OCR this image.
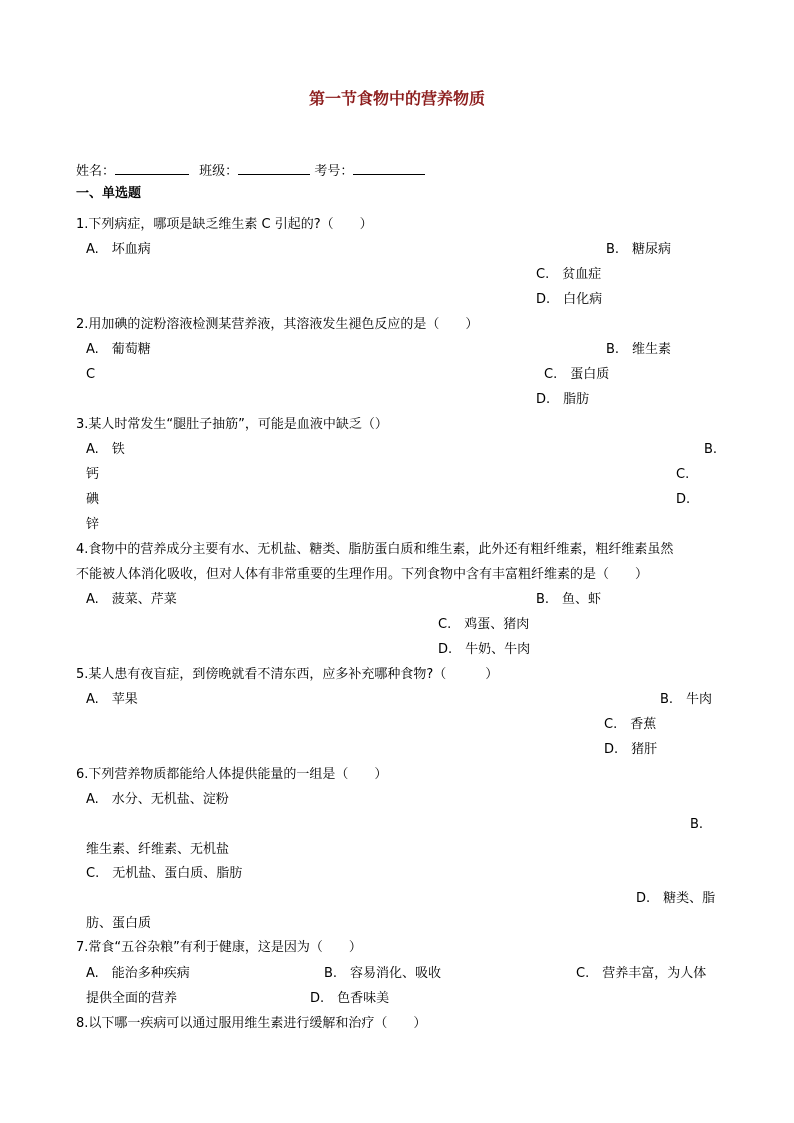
第一节食物中的营养物质
姓名：	班级：	考号：
一、单选题
1.下列病症，哪项是缺乏维生素 C 引起的?（　　）
A.　坏血病	B.　糖尿病
C.　贫血症
D.　白化病
2.用加碘的淀粉溶液检测某营养液，其溶液发生褪色反应的是（　　）
A.　葡萄糖	B.　维生素
C	C.　蛋白质
D.　脂肪
3.某人时常发生“腿肚子抽筋”，可能是血液中缺乏（）
A.　铁	B.
钙	C.
碘	D.
锌
4.食物中的营养成分主要有水、无机盐、糖类、脂肪蛋白质和维生素，此外还有粗纤维素，粗纤维素虽然
不能被人体消化吸收，但对人体有非常重要的生理作用。下列食物中含有丰富粗纤维素的是（　　）
A.　菠菜、芹菜	B.　鱼、虾
C.　鸡蛋、猪肉
D.　牛奶、牛肉
5.某人患有夜盲症，到傍晚就看不清东西，应多补充哪种食物?（　　　）
A.　苹果	B.　牛肉
C.　香蕉
D.　猪肝
6.下列营养物质都能给人体提供能量的一组是（　　）
A.　水分、无机盐、淀粉
B.
维生素、纤维素、无机盐
C.　无机盐、蛋白质、脂肪
D.　糖类、脂
肪、蛋白质
7.常食“五谷杂粮”有利于健康，这是因为（　　）
A.　能治多种疾病	B.　容易消化、吸收	C.　营养丰富，为人体
提供全面的营养	D.　色香味美
8.以下哪一疾病可以通过服用维生素进行缓解和治疗（　　）
